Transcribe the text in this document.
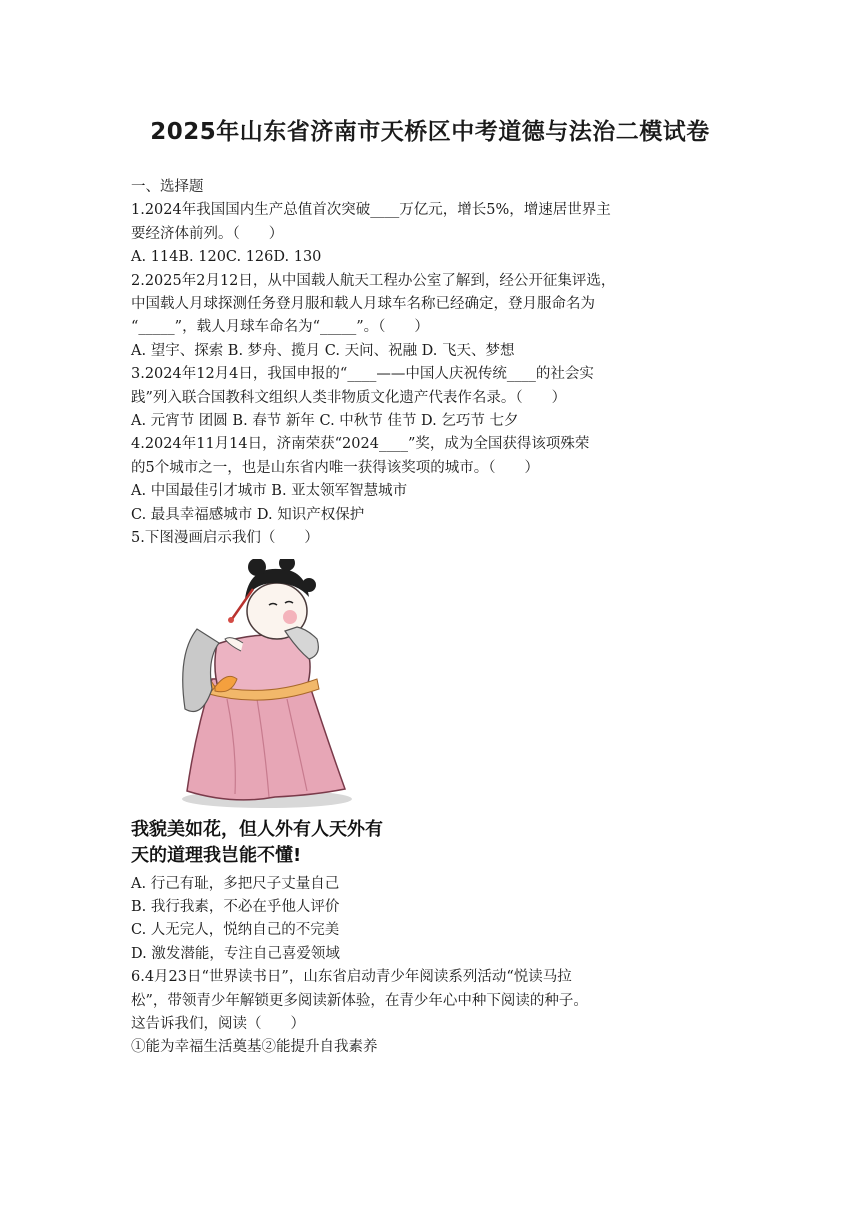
2025年山东省济南市天桥区中考道德与法治二模试卷

一、选择题

1.2024年我国国内生产总值首次突破____万亿元，增长5%，增速居世界主

要经济体前列。（　　）

A. 114B. 120C. 126D. 130

2.2025年2月12日，从中国载人航天工程办公室了解到，经公开征集评选，

中国载人月球探测任务登月服和载人月球车名称已经确定，登月服命名为

“_____”，载人月球车命名为“_____”。（　　）

A. 望宇、探索 B. 梦舟、揽月 C. 天问、祝融 D. 飞天、梦想

3.2024年12月4日，我国申报的“____——中国人庆祝传统____的社会实

践”列入联合国教科文组织人类非物质文化遗产代表作名录。（　　）

A. 元宵节 团圆 B. 春节 新年 C. 中秋节 佳节 D. 乞巧节 七夕

4.2024年11月14日，济南荣获“2024____”奖，成为全国获得该项殊荣

的5个城市之一，也是山东省内唯一获得该奖项的城市。（　　）

A. 中国最佳引才城市 B. 亚太领军智慧城市

C. 最具幸福感城市 D. 知识产权保护

5.下图漫画启示我们（　　）

我貌美如花，但人外有人天外有

天的道理我岂能不懂!

A. 行己有耻，多把尺子丈量自己

B. 我行我素，不必在乎他人评价

C. 人无完人，悦纳自己的不完美

D. 激发潜能，专注自己喜爱领域

6.4月23日“世界读书日”，山东省启动青少年阅读系列活动“悦读马拉

松”，带领青少年解锁更多阅读新体验，在青少年心中种下阅读的种子。

这告诉我们，阅读（　　）

①能为幸福生活奠基②能提升自我素养
